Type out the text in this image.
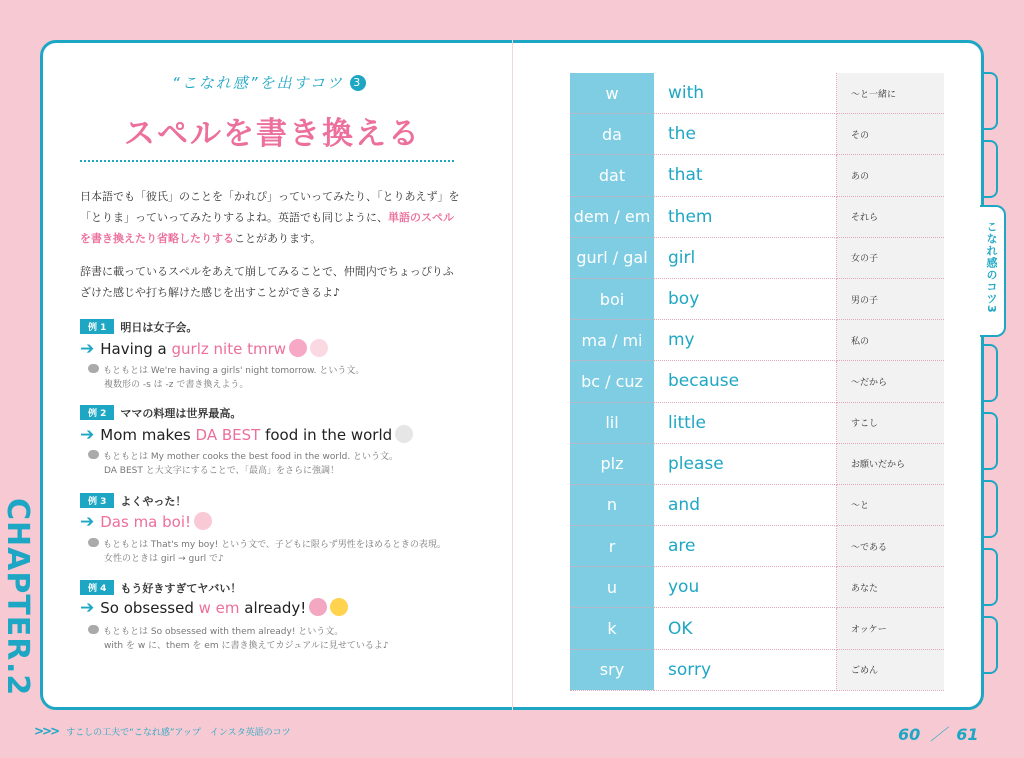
CHAPTER.2
“こなれ感”を出すコツ 3
スペルを書き換える
日本語でも「彼氏」のことを「かれぴ」っていってみたり、「とりあえず」を「とりま」っていってみたりするよね。英語でも同じように、単語のスペルを書き換えたり省略したりすることがあります。
辞書に載っているスペルをあえて崩してみることで、仲間内でちょっぴりふざけた感じや打ち解けた感じを出すことができるよ♪
例 1 明日は女子会。
➔ Having a gurlz nite tmrw
もともとは We're having a girls' night tomorrow. という文。
複数形の -s は -z で書き換えよう。
例 2 ママの料理は世界最高。
➔ Mom makes DA BEST food in the world
もともとは My mother cooks the best food in the world. という文。
DA BEST と大文字にすることで、「最高」をさらに強調！
例 3 よくやった！
➔ Das ma boi!
もともとは That's my boy! という文で、子どもに限らず男性をほめるときの表現。
女性のときは girl → gurl で♪
例 4 もう好きすぎてヤバい！
➔ So obsessed w em already!
もともとは So obsessed with them already! という文。
with を w に、them を em に書き換えてカジュアルに見せているよ♪
w	with	〜と一緒に
da	the	その
dat	that	あの
dem / em	them	それら
gurl / gal	girl	女の子
boi	boy	男の子
ma / mi	my	私の
bc / cuz	because	〜だから
lil	little	すこし
plz	please	お願いだから
n	and	〜と
r	are	〜である
u	you	あなた
k	OK	オッケー
sry	sorry	ごめん
こなれ感のコツ3
>>> すこしの工夫で“こなれ感”アップ　インスタ英語のコツ	60 ／ 61
